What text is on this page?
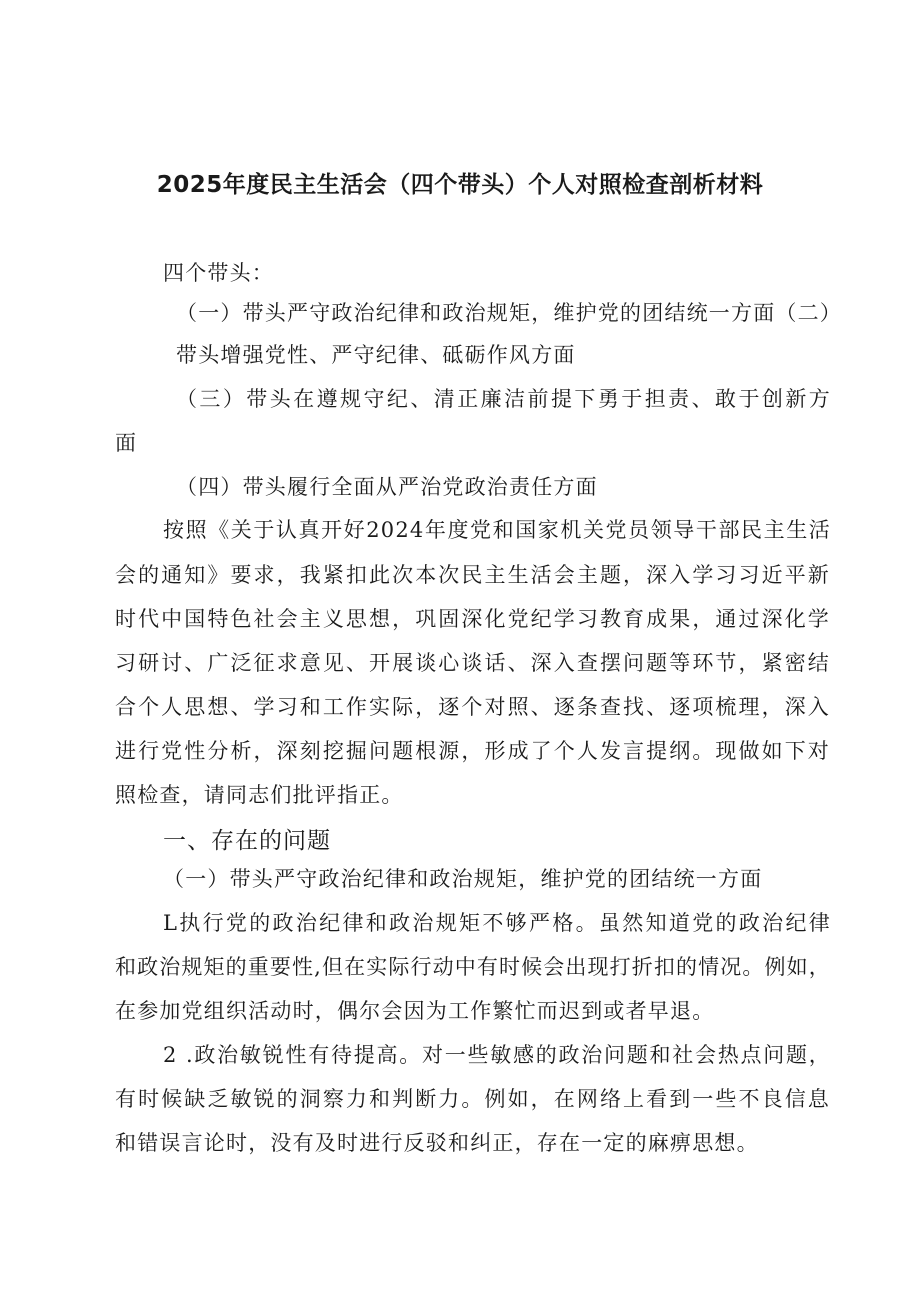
2025年度民主生活会（四个带头）个人对照检查剖析材料
四个带头：
（一）带头严守政治纪律和政治规矩，维护党的团结统一方面（二）
带头增强党性、严守纪律、砥砺作风方面
（三）带头在遵规守纪、清正廉洁前提下勇于担责、敢于创新方
面
（四）带头履行全面从严治党政治责任方面
按照《关于认真开好2024年度党和国家机关党员领导干部民主生活
会的通知》要求，我紧扣此次本次民主生活会主题，深入学习习近平新
时代中国特色社会主义思想，巩固深化党纪学习教育成果，通过深化学
习研讨、广泛征求意见、开展谈心谈话、深入查摆问题等环节，紧密结
合个人思想、学习和工作实际，逐个对照、逐条查找、逐项梳理，深入
进行党性分析，深刻挖掘问题根源，形成了个人发言提纲。现做如下对
照检查，请同志们批评指正。
一、存在的问题
（一）带头严守政治纪律和政治规矩，维护党的团结统一方面
L执行党的政治纪律和政治规矩不够严格。虽然知道党的政治纪律
和政治规矩的重要性,但在实际行动中有时候会出现打折扣的情况。例如，
在参加党组织活动时，偶尔会因为工作繁忙而迟到或者早退。
2 .政治敏锐性有待提高。对一些敏感的政治问题和社会热点问题，
有时候缺乏敏锐的洞察力和判断力。例如，在网络上看到一些不良信息
和错误言论时，没有及时进行反驳和纠正，存在一定的麻痹思想。
